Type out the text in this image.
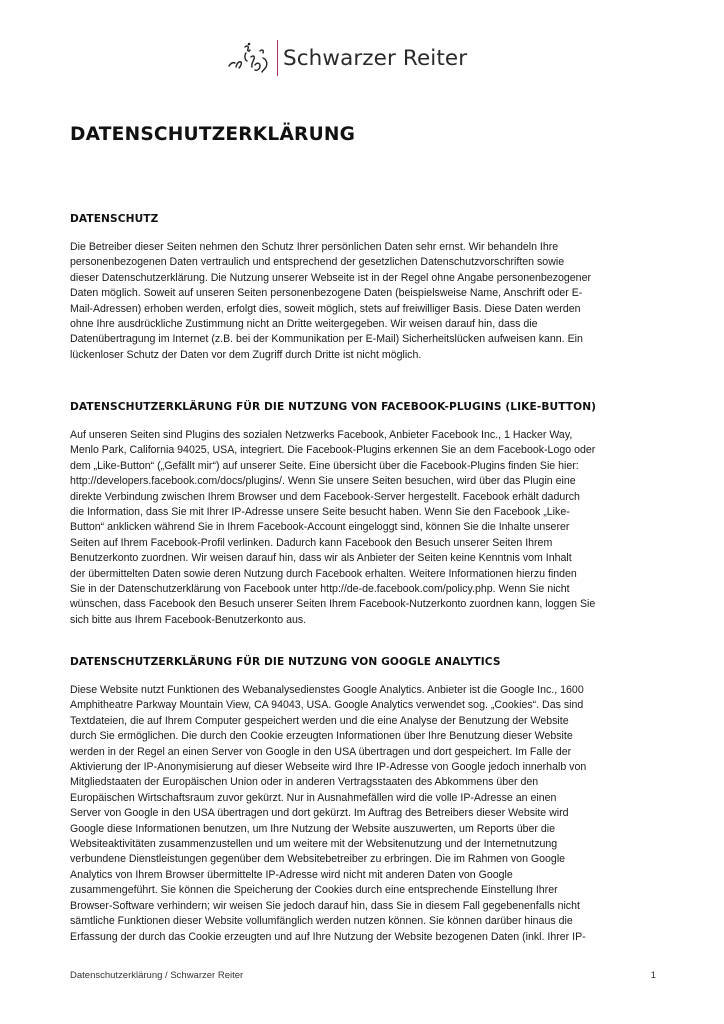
Schwarzer Reiter
DATENSCHUTZERKLÄRUNG
DATENSCHUTZ

Die Betreiber dieser Seiten nehmen den Schutz Ihrer persönlichen Daten sehr ernst. Wir behandeln Ihre
personenbezogenen Daten vertraulich und entsprechend der gesetzlichen Datenschutzvorschriften sowie
dieser Datenschutzerklärung. Die Nutzung unserer Webseite ist in der Regel ohne Angabe personenbezogener
Daten möglich. Soweit auf unseren Seiten personenbezogene Daten (beispielsweise Name, Anschrift oder E-
Mail-Adressen) erhoben werden, erfolgt dies, soweit möglich, stets auf freiwilliger Basis. Diese Daten werden
ohne Ihre ausdrückliche Zustimmung nicht an Dritte weitergegeben. Wir weisen darauf hin, dass die
Datenübertragung im Internet (z.B. bei der Kommunikation per E-Mail) Sicherheitslücken aufweisen kann. Ein
lückenloser Schutz der Daten vor dem Zugriff durch Dritte ist nicht möglich.

DATENSCHUTZERKLÄRUNG FÜR DIE NUTZUNG VON FACEBOOK-PLUGINS (LIKE-BUTTON)

Auf unseren Seiten sind Plugins des sozialen Netzwerks Facebook, Anbieter Facebook Inc., 1 Hacker Way,
Menlo Park, California 94025, USA, integriert. Die Facebook-Plugins erkennen Sie an dem Facebook-Logo oder
dem „Like-Button“ („Gefällt mir“) auf unserer Seite. Eine übersicht über die Facebook-Plugins finden Sie hier:
http://developers.facebook.com/docs/plugins/. Wenn Sie unsere Seiten besuchen, wird über das Plugin eine
direkte Verbindung zwischen Ihrem Browser und dem Facebook-Server hergestellt. Facebook erhält dadurch
die Information, dass Sie mit Ihrer IP-Adresse unsere Seite besucht haben. Wenn Sie den Facebook „Like-
Button“ anklicken während Sie in Ihrem Facebook-Account eingeloggt sind, können Sie die Inhalte unserer
Seiten auf Ihrem Facebook-Profil verlinken. Dadurch kann Facebook den Besuch unserer Seiten Ihrem
Benutzerkonto zuordnen. Wir weisen darauf hin, dass wir als Anbieter der Seiten keine Kenntnis vom Inhalt
der übermittelten Daten sowie deren Nutzung durch Facebook erhalten. Weitere Informationen hierzu finden
Sie in der Datenschutzerklärung von Facebook unter http://de-de.facebook.com/policy.php. Wenn Sie nicht
wünschen, dass Facebook den Besuch unserer Seiten Ihrem Facebook-Nutzerkonto zuordnen kann, loggen Sie
sich bitte aus Ihrem Facebook-Benutzerkonto aus.

DATENSCHUTZERKLÄRUNG FÜR DIE NUTZUNG VON GOOGLE ANALYTICS

Diese Website nutzt Funktionen des Webanalysedienstes Google Analytics. Anbieter ist die Google Inc., 1600
Amphitheatre Parkway Mountain View, CA 94043, USA. Google Analytics verwendet sog. „Cookies“. Das sind
Textdateien, die auf Ihrem Computer gespeichert werden und die eine Analyse der Benutzung der Website
durch Sie ermöglichen. Die durch den Cookie erzeugten Informationen über Ihre Benutzung dieser Website
werden in der Regel an einen Server von Google in den USA übertragen und dort gespeichert. Im Falle der
Aktivierung der IP-Anonymisierung auf dieser Webseite wird Ihre IP-Adresse von Google jedoch innerhalb von
Mitgliedstaaten der Europäischen Union oder in anderen Vertragsstaaten des Abkommens über den
Europäischen Wirtschaftsraum zuvor gekürzt. Nur in Ausnahmefällen wird die volle IP-Adresse an einen
Server von Google in den USA übertragen und dort gekürzt. Im Auftrag des Betreibers dieser Website wird
Google diese Informationen benutzen, um Ihre Nutzung der Website auszuwerten, um Reports über die
Websiteaktivitäten zusammenzustellen und um weitere mit der Websitenutzung und der Internetnutzung
verbundene Dienstleistungen gegenüber dem Websitebetreiber zu erbringen. Die im Rahmen von Google
Analytics von Ihrem Browser übermittelte IP-Adresse wird nicht mit anderen Daten von Google
zusammengeführt. Sie können die Speicherung der Cookies durch eine entsprechende Einstellung Ihrer
Browser-Software verhindern; wir weisen Sie jedoch darauf hin, dass Sie in diesem Fall gegebenenfalls nicht
sämtliche Funktionen dieser Website vollumfänglich werden nutzen können. Sie können darüber hinaus die
Erfassung der durch das Cookie erzeugten und auf Ihre Nutzung der Website bezogenen Daten (inkl. Ihrer IP-

Datenschutzerklärung / Schwarzer Reiter	1
